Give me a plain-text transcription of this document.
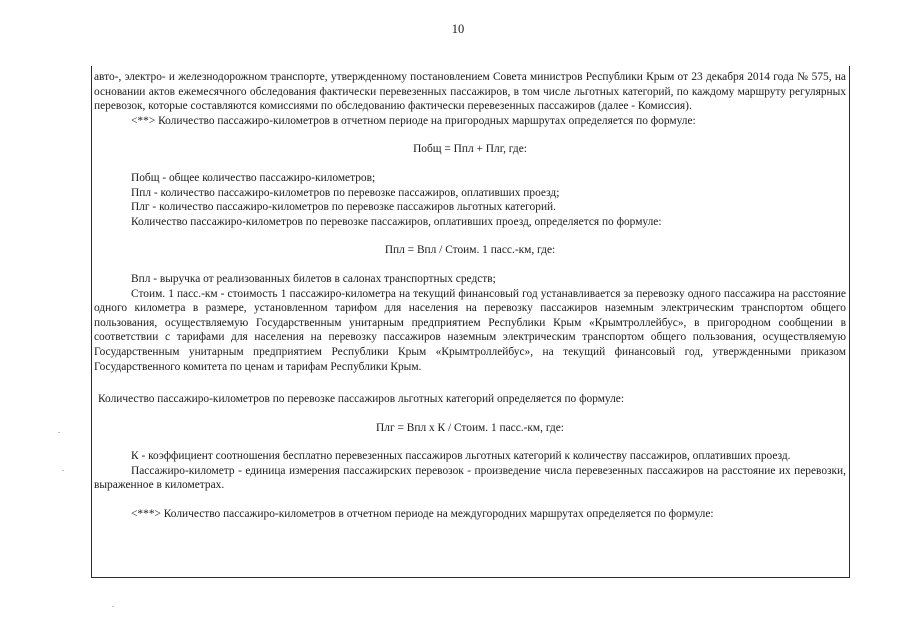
10

авто-, электро- и железнодорожном транспорте, утвержденному постановлением Совета министров Республики Крым от 23 декабря 2014 года № 575, на основании актов ежемесячного обследования фактически перевезенных пассажиров, в том числе льготных категорий, по каждому маршруту регулярных перевозок, которые составляются комиссиями по обследованию фактически перевезенных пассажиров (далее - Комиссия).

<**> Количество пассажиро-километров в отчетном периоде на пригородных маршрутах определяется по формуле:

Побщ = Ппл + Плг, где:

Побщ - общее количество пассажиро-километров;

Ппл - количество пассажиро-километров по перевозке пассажиров, оплативших проезд;

Плг - количество пассажиро-километров по перевозке пассажиров льготных категорий.

Количество пассажиро-километров по перевозке пассажиров, оплативших проезд, определяется по формуле:

Ппл = Впл / Стоим. 1 пасс.-км, где:

Впл - выручка от реализованных билетов в салонах транспортных средств;

Стоим. 1 пасс.-км - стоимость 1 пассажиро-километра на текущий финансовый год устанавливается за перевозку одного пассажира на расстояние одного километра в размере, установленном тарифом для населения на перевозку пассажиров наземным электрическим транспортом общего пользования, осуществляемую Государственным унитарным предприятием Республики Крым «Крымтроллейбус», в пригородном сообщении в соответствии с тарифами для населения на перевозку пассажиров наземным электрическим транспортом общего пользования, осуществляемую Государственным унитарным предприятием Республики Крым «Крымтроллейбус», на текущий финансовый год, утвержденными приказом Государственного комитета по ценам и тарифам Республики Крым.

Количество пассажиро-километров по перевозке пассажиров льготных категорий определяется по формуле:

Плг = Впл х К / Стоим. 1 пасс.-км, где:

К - коэффициент соотношения бесплатно перевезенных пассажиров льготных категорий к количеству пассажиров, оплативших проезд.

Пассажиро-километр - единица измерения пассажирских перевозок - произведение числа перевезенных пассажиров на расстояние их перевозки, выраженное в километрах.

<***> Количество пассажиро-километров в отчетном периоде на междугородних маршрутах определяется по формуле:
